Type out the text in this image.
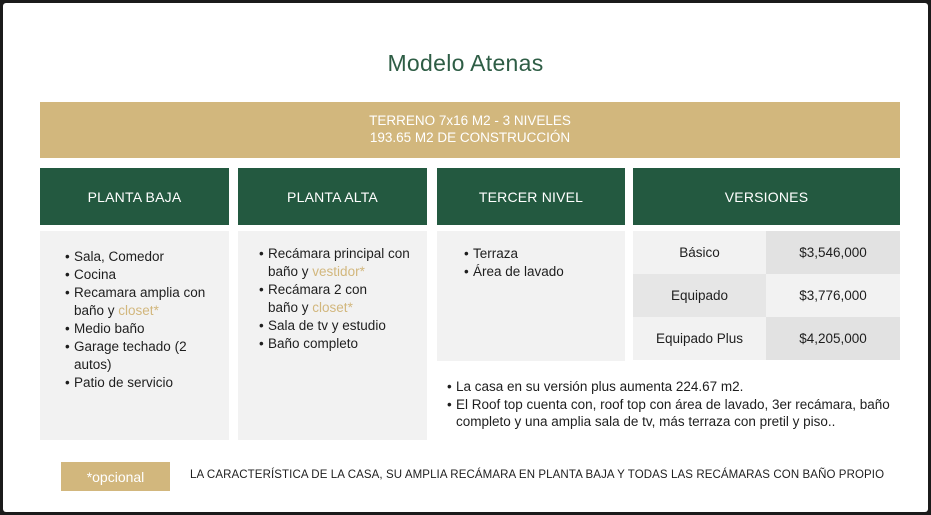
Modelo Atenas
TERRENO 7x16 M2 - 3 NIVELES
193.65 M2 DE CONSTRUCCIÓN
PLANTA BAJA	PLANTA ALTA	TERCER NIVEL	VERSIONES
• Sala, Comedor
• Cocina
• Recamara amplia con baño y closet*
• Medio baño
• Garage techado (2 autos)
• Patio de servicio
• Recámara principal con baño y vestidor*
• Recámara 2 con baño y closet*
• Sala de tv y estudio
• Baño completo
• Terraza
• Área de lavado
Básico	$3,546,000
Equipado	$3,776,000
Equipado Plus	$4,205,000
• La casa en su versión plus aumenta 224.67 m2.
• El Roof top cuenta con, roof top con área de lavado, 3er recámara, baño completo y una amplia sala de tv, más terraza con pretil y piso..
*opcional	LA CARACTERÍSTICA DE LA CASA, SU AMPLIA RECÁMARA EN PLANTA BAJA Y TODAS LAS RECÁMARAS CON BAÑO PROPIO
